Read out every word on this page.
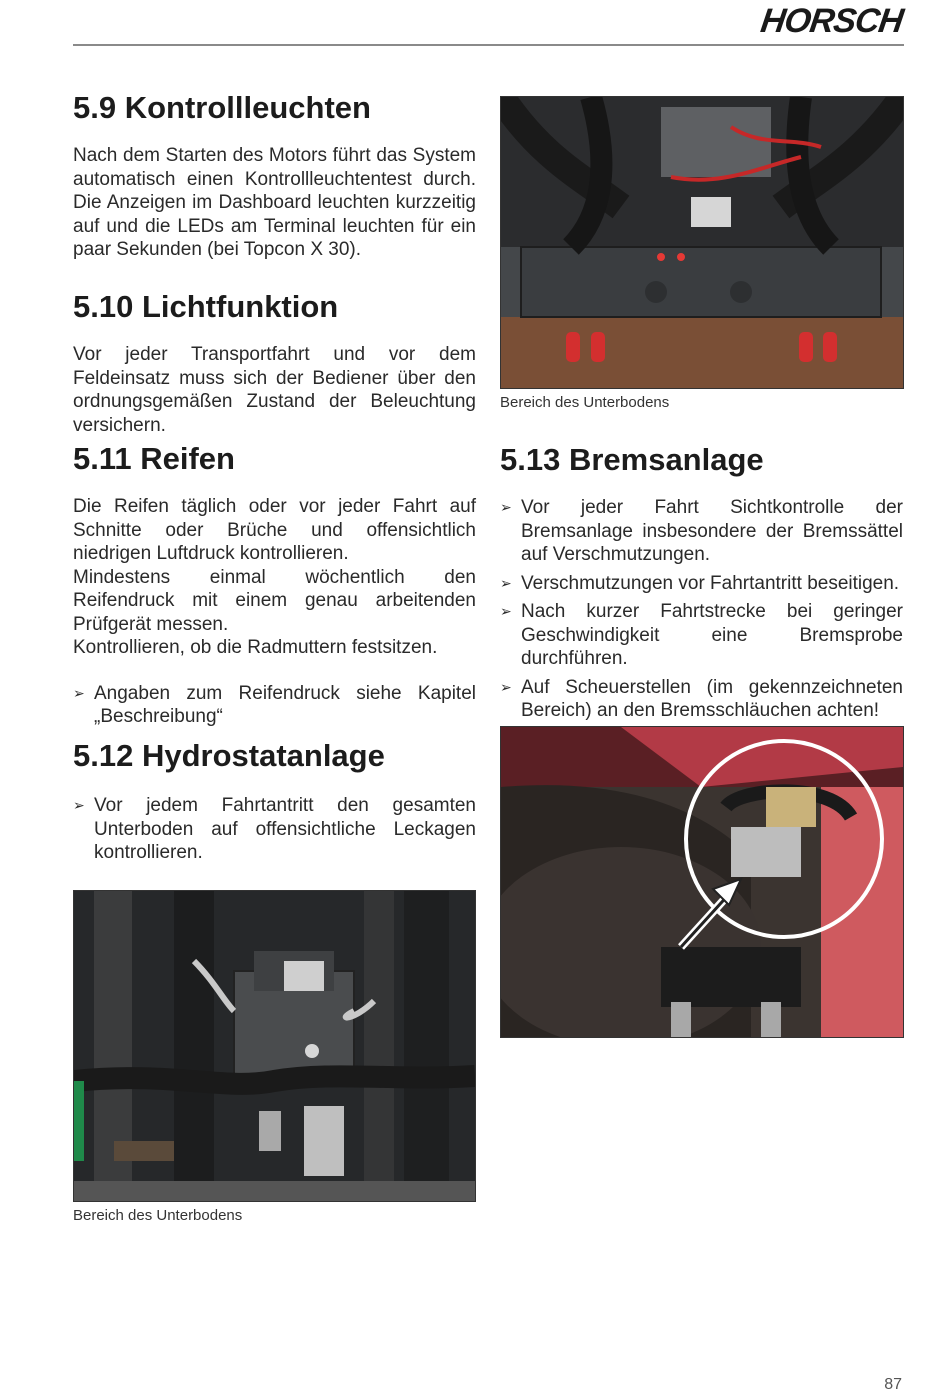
HORSCH
5.9 Kontrollleuchten

Nach dem Starten des Motors führt das System automatisch einen Kontrollleuchtentest durch. Die Anzeigen im Dashboard leuchten kurzzeitig auf und die LEDs am Terminal leuchten für ein paar Sekunden (bei Topcon X 30).

5.10 Lichtfunktion

Vor jeder Transportfahrt und vor dem Feldeinsatz muss sich der Bediener über den ordnungsgemäßen Zustand der Beleuchtung versichern.

5.11 Reifen

Die Reifen täglich oder vor jeder Fahrt auf Schnitte oder Brüche und offensichtlich niedrigen Luftdruck kontrollieren.

Mindestens einmal wöchentlich den Reifendruck mit einem genau arbeitenden Prüfgerät messen.

Kontrollieren, ob die Radmuttern festsitzen.

➢ Angaben zum Reifendruck siehe Kapitel „Beschreibung“
5.12 Hydrostatanlage
➢ Vor jedem Fahrtantritt den gesamten Unterboden auf offensichtliche Leckagen kontrollieren.
Bereich des Unterbodens
Bereich des Unterbodens
5.13 Bremsanlage
➢ Vor jeder Fahrt Sichtkontrolle der Bremsanlage insbesondere der Bremssättel auf Verschmutzungen.
➢ Verschmutzungen vor Fahrtantritt beseitigen.
➢ Nach kurzer Fahrtstrecke bei geringer Geschwindigkeit eine Bremsprobe durchführen.
➢ Auf Scheuerstellen (im gekennzeichneten Bereich) an den Bremsschläuchen achten!
87
